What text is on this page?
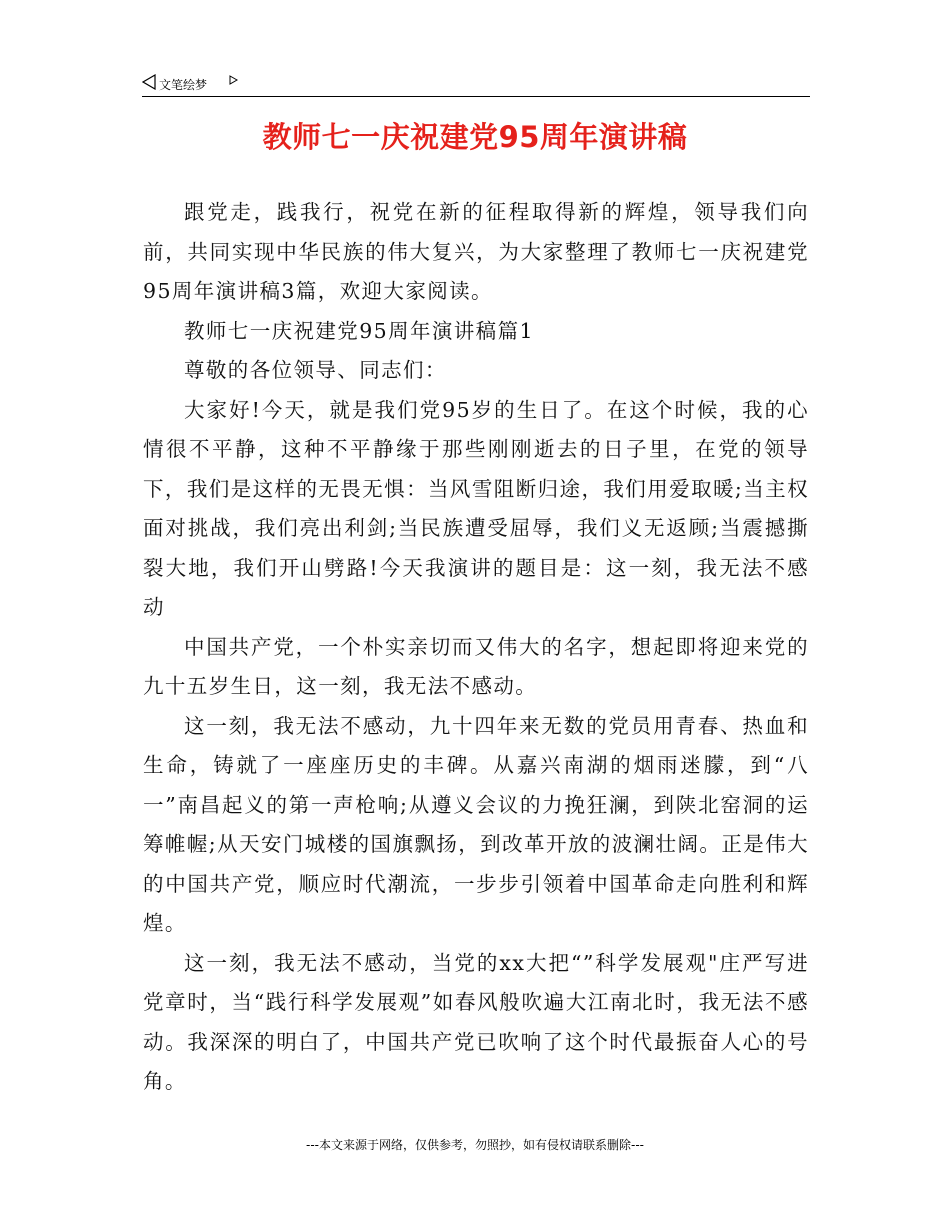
文笔绘梦
教师七一庆祝建党95周年演讲稿

跟党走，践我行，祝党在新的征程取得新的辉煌，领导我们向前，共同实现中华民族的伟大复兴，为大家整理了教师七一庆祝建党95周年演讲稿3篇，欢迎大家阅读。

教师七一庆祝建党95周年演讲稿篇1

尊敬的各位领导、同志们：

大家好!今天，就是我们党95岁的生日了。在这个时候，我的心情很不平静，这种不平静缘于那些刚刚逝去的日子里，在党的领导下，我们是这样的无畏无惧：当风雪阻断归途，我们用爱取暖;当主权面对挑战，我们亮出利剑;当民族遭受屈辱，我们义无返顾;当震撼撕裂大地，我们开山劈路!今天我演讲的题目是：这一刻，我无法不感动

中国共产党，一个朴实亲切而又伟大的名字，想起即将迎来党的九十五岁生日，这一刻，我无法不感动。

这一刻，我无法不感动，九十四年来无数的党员用青春、热血和生命，铸就了一座座历史的丰碑。从嘉兴南湖的烟雨迷朦，到“八一”南昌起义的第一声枪响;从遵义会议的力挽狂澜，到陕北窑洞的运筹帷幄;从天安门城楼的国旗飘扬，到改革开放的波澜壮阔。正是伟大的中国共产党，顺应时代潮流，一步步引领着中国革命走向胜利和辉煌。

这一刻，我无法不感动，当党的xx大把“”科学发展观"庄严写进党章时，当“践行科学发展观”如春风般吹遍大江南北时，我无法不感动。我深深的明白了，中国共产党已吹响了这个时代最振奋人心的号角。

---本文来源于网络，仅供参考，勿照抄，如有侵权请联系删除---
